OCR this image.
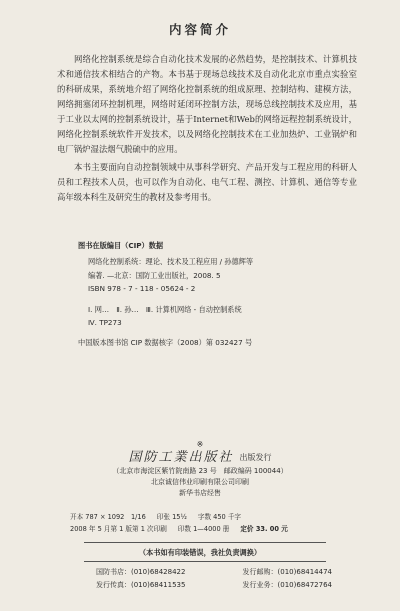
内容简介

网络化控制系统是综合自动化技术发展的必然趋势，是控制技术、计算机技术和通信技术相结合的产物。本书基于现场总线技术及自动化北京市重点实验室的科研成果，系统地介绍了网络化控制系统的组成原理、控制结构、建模方法，网络拥塞闭环控制机理，网络时延闭环控制方法，现场总线控制技术及应用，基于工业以太网的控制系统设计，基于Internet和Web的网络远程控制系统设计，网络化控制系统软件开发技术，以及网络化控制技术在工业加热炉、工业锅炉和电厂锅炉湿法烟气脱硫中的应用。

本书主要面向自动控制领域中从事科学研究、产品开发与工程应用的科研人员和工程技术人员，也可以作为自动化、电气工程、测控、计算机、通信等专业高年级本科生及研究生的教材及参考用书。

图书在版编目（CIP）数据
网络化控制系统：理论、技术及工程应用 / 孙德辉等
编著. —北京：国防工业出版社，2008. 5
ISBN 978 - 7 - 118 - 05624 - 2
Ⅰ. 网…　Ⅱ. 孙…　Ⅲ. 计算机网络 - 自动控制系统
Ⅳ. TP273
中国版本图书馆 CIP 数据核字（2008）第 032427 号
※
国防工業出版社 出版发行
（北京市海淀区紫竹院南路 23 号　邮政编码 100044）
北京诚信伟业印刷有限公司印刷
新华书店经售
开本 787 × 1092　1/16 印张 15½ 字数 450 千字
2008 年 5 月第 1 版第 1 次印刷 印数 1—4000 册 定价 33. 00 元
（本书如有印装错误，我社负责调换）
国防书店：(010)68428422	发行邮购：(010)68414474
发行传真：(010)68411535	发行业务：(010)68472764
